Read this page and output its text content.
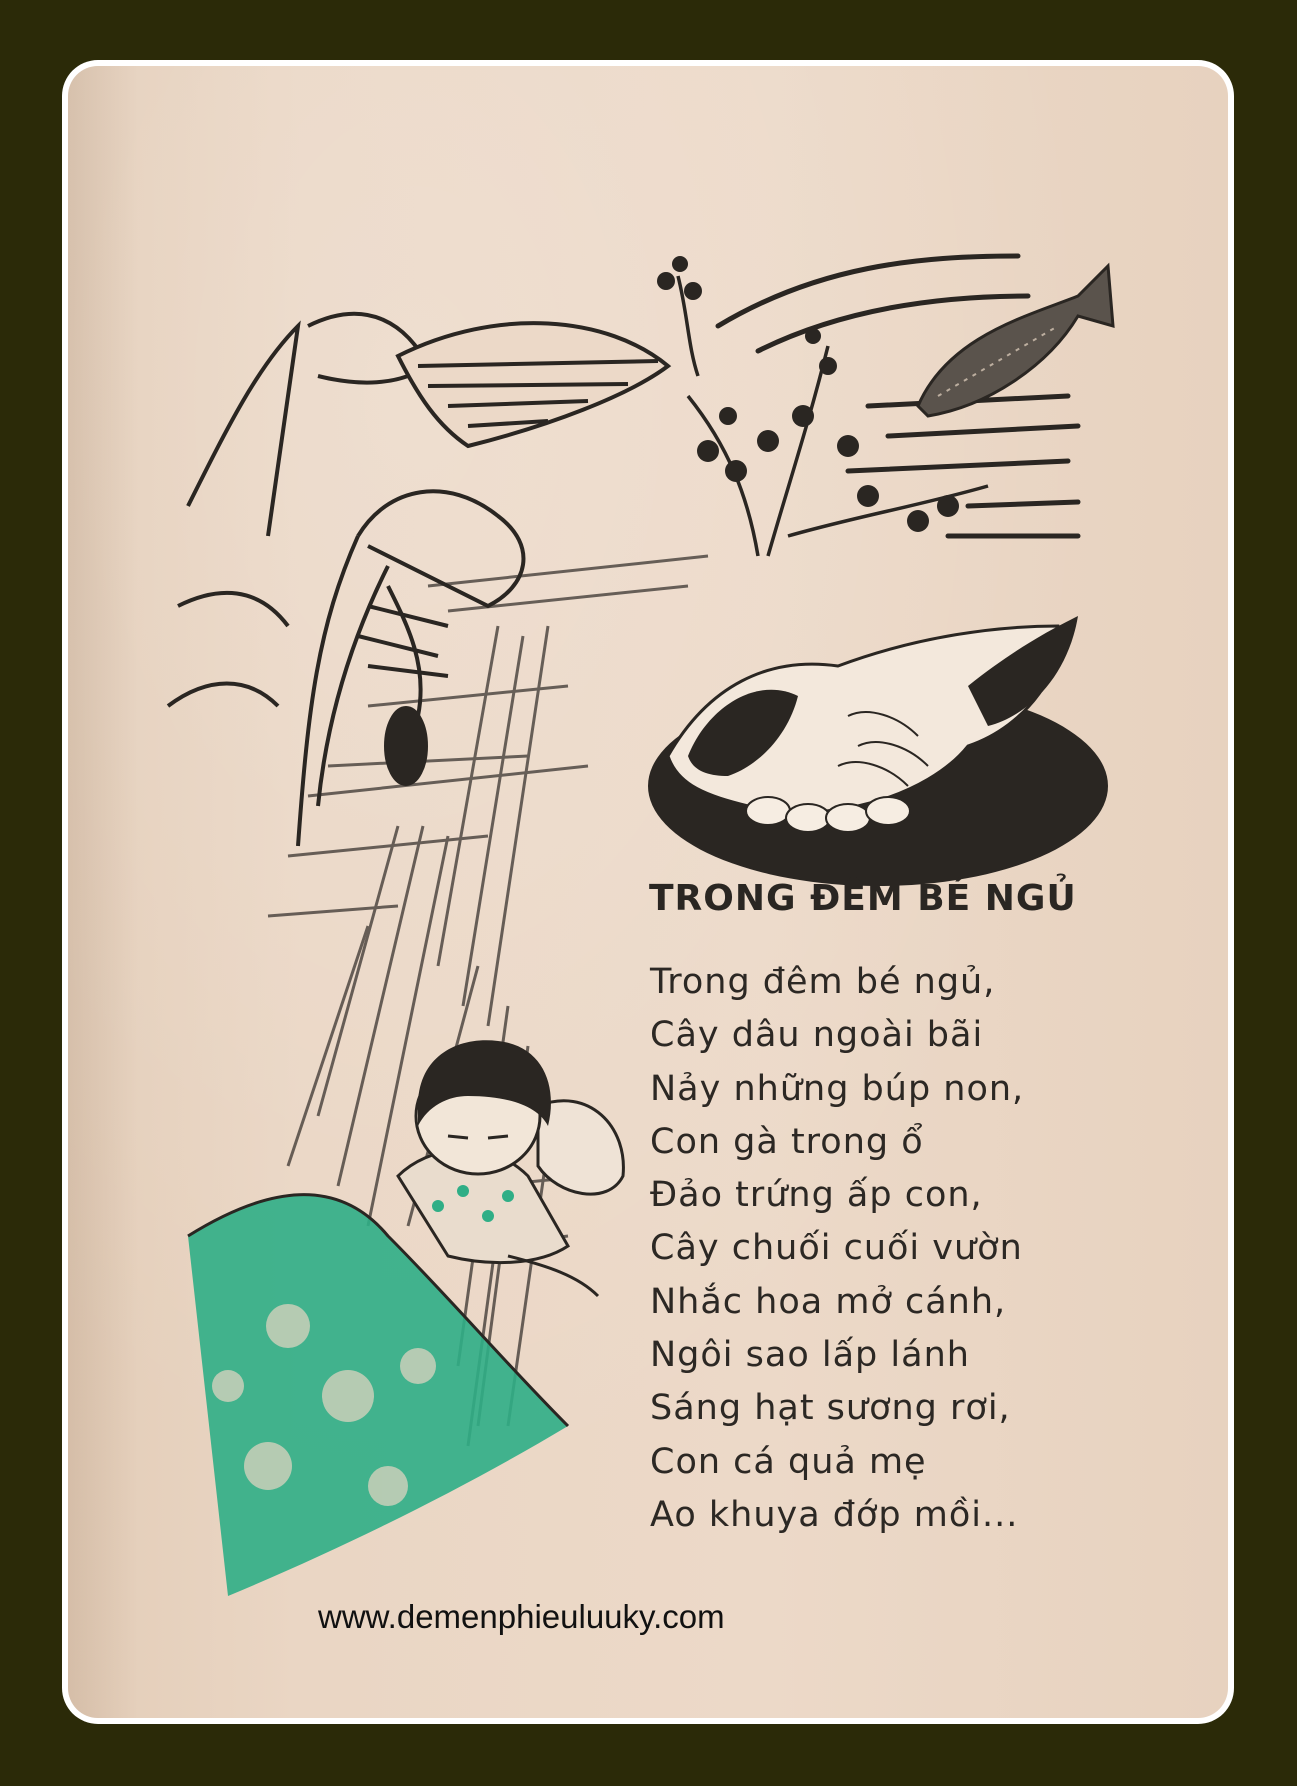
TRONG ĐÊM BÉ NGỦ
Trong đêm bé ngủ,
Cây dâu ngoài bãi
Nảy những búp non,
Con gà trong ổ
Đảo trứng ấp con,
Cây chuối cuối vườn
Nhắc hoa mở cánh,
Ngôi sao lấp lánh
Sáng hạt sương rơi,
Con cá quả mẹ
Ao khuya đớp mồi...
www.demenphieuluuky.com
